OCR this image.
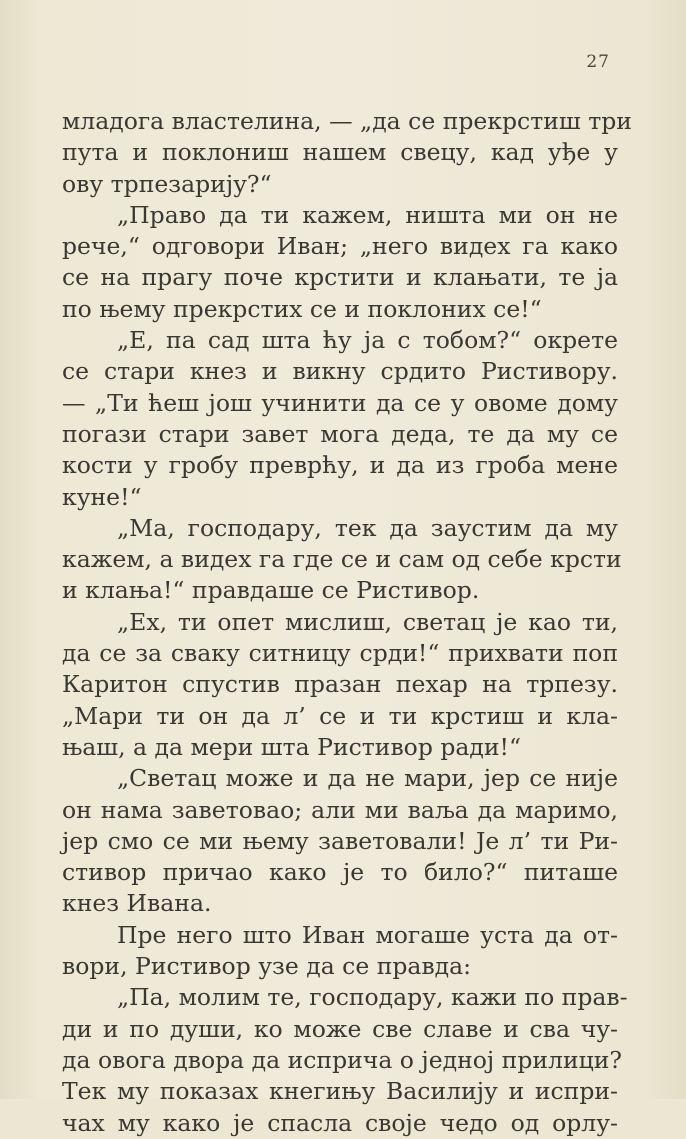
27
младога властелина, — „да се прекрстиш три
пута и поклониш нашем свецу, кад уђе у
ову трпезарију?“
„Право да ти кажем, ништа ми он не
рече,“ одговори Иван; „него видех га како
се на прагу поче крстити и клањати, те ја
по њему прекрстих се и поклоних се!“
„Е, па сад шта ћу ја с тобом?“ окрете
се стари кнез и викну срдито Ристивору.
— „Ти ћеш још учинити да се у овоме дому
погази стари завет мога деда, те да му се
кости у гробу преврћу, и да из гроба мене
куне!“
„Ма, господару, тек да заустим да му
кажем, а видех га где се и сам од себе крсти
и клања!“ правдаше се Ристивор.
„Ех, ти опет мислиш, светац је као ти,
да се за сваку ситницу срди!“ прихвати поп
Каритон спустив празан пехар на трпезу.
„Мари ти он да л’ се и ти крстиш и кла-
њаш, а да мери шта Ристивор ради!“
„Светац може и да не мари, јер се није
он нама заветовао; али ми ваља да маримо,
јер смо се ми њему заветовали! Је л’ ти Ри-
стивор причао како је то било?“ питаше
кнез Ивана.
Пре него што Иван могаше уста да от-
вори, Ристивор узе да се правда:
„Па, молим те, господару, кажи по прав-
ди и по души, ко може све славе и сва чу-
да овога двора да исприча о једној прилици?
Тек му показах кнегињу Василију и испри-
чах му како је спасла своје чедо од орлу-
